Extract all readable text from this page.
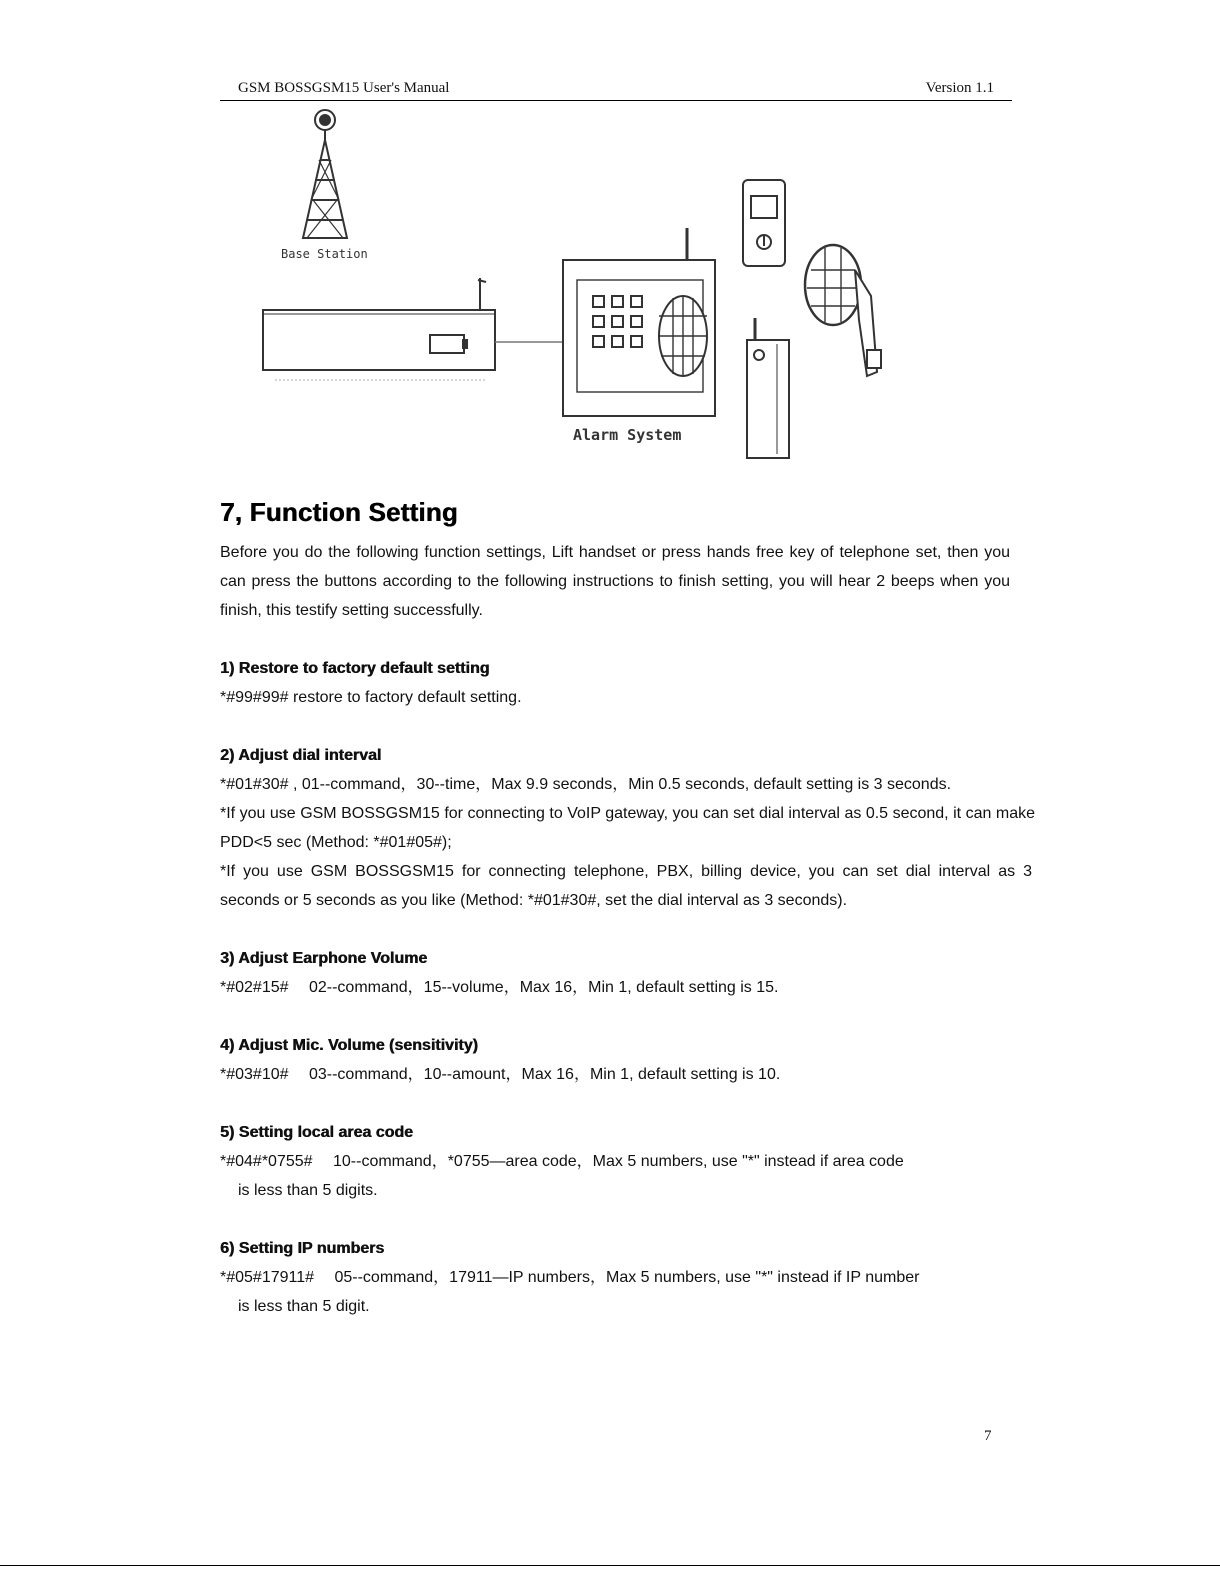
GSM BOSSGSM15 User's Manual	Version 1.1
Base Station
Alarm System
7, Function Setting

Before you do the following function settings, Lift handset or press hands free key of telephone set, then you can press the buttons according to the following instructions to finish setting, you will hear 2 beeps when you finish, this testify setting successfully.

1) Restore to factory default setting

*#99#99# restore to factory default setting.

2) Adjust dial interval

*#01#30# , 01--command，30--time，Max 9.9 seconds，Min 0.5 seconds, default setting is 3 seconds.

*If you use GSM BOSSGSM15 for connecting to VoIP gateway, you can set dial interval as 0.5 second, it can make PDD<5 sec (Method: *#01#05#);

*If you use GSM BOSSGSM15 for connecting telephone, PBX, billing device, you can set dial interval as 3 seconds or 5 seconds as you like (Method: *#01#30#, set the dial interval as 3 seconds).

3) Adjust Earphone Volume

*#02#15#　 02--command，15--volume，Max 16，Min 1, default setting is 15.

4) Adjust Mic. Volume (sensitivity)

*#03#10#　 03--command，10--amount，Max 16，Min 1, default setting is 10.

5) Setting local area code

*#04#*0755#　 10--command，*0755—area code，Max 5 numbers, use "*" instead if area code
is less than 5 digits.

6) Setting IP numbers

*#05#17911#　 05--command，17911—IP numbers，Max 5 numbers, use "*" instead if IP number
is less than 5 digit.

7
